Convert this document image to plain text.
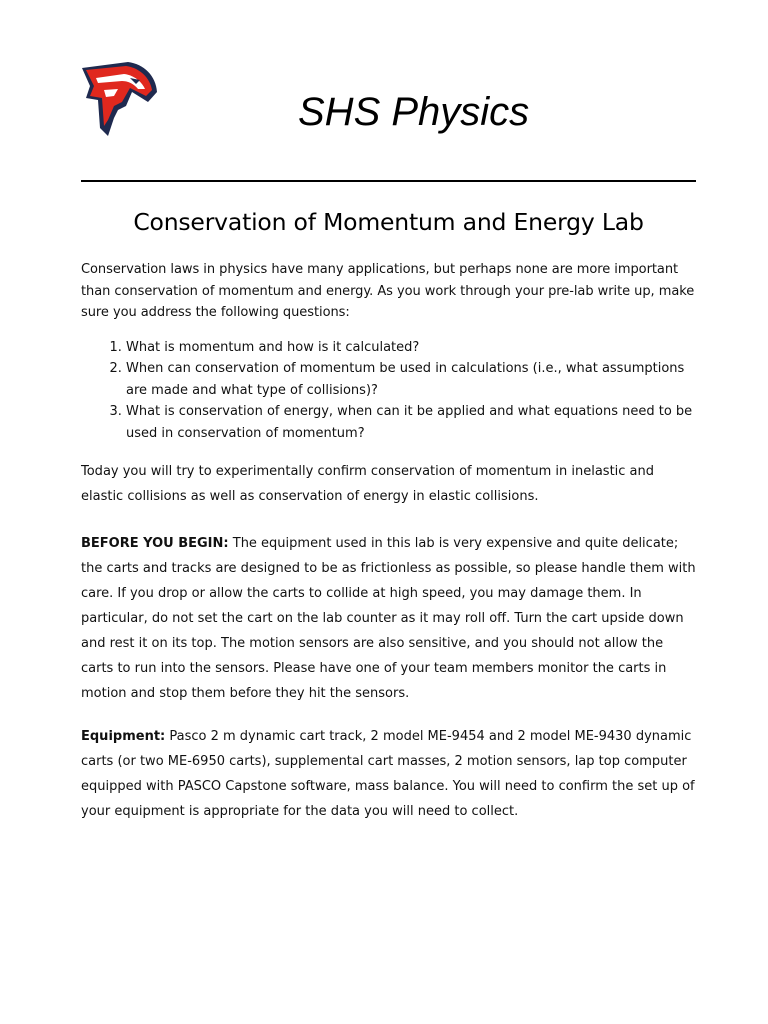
SHS Physics
Conservation of Momentum and Energy Lab

Conservation laws in physics have many applications, but perhaps none are more important than conservation of momentum and energy. As you work through your pre-lab write up, make sure you address the following questions:

1. What is momentum and how is it calculated?
2. When can conservation of momentum be used in calculations (i.e., what assumptions are made and what type of collisions)?
3. What is conservation of energy, when can it be applied and what equations need to be used in conservation of momentum?

Today you will try to experimentally confirm conservation of momentum in inelastic and elastic collisions as well as conservation of energy in elastic collisions.

BEFORE YOU BEGIN: The equipment used in this lab is very expensive and quite delicate; the carts and tracks are designed to be as frictionless as possible, so please handle them with care. If you drop or allow the carts to collide at high speed, you may damage them. In particular, do not set the cart on the lab counter as it may roll off. Turn the cart upside down and rest it on its top. The motion sensors are also sensitive, and you should not allow the carts to run into the sensors. Please have one of your team members monitor the carts in motion and stop them before they hit the sensors.

Equipment: Pasco 2 m dynamic cart track, 2 model ME-9454 and 2 model ME-9430 dynamic carts (or two ME-6950 carts), supplemental cart masses, 2 motion sensors, lap top computer equipped with PASCO Capstone software, mass balance. You will need to confirm the set up of your equipment is appropriate for the data you will need to collect.
